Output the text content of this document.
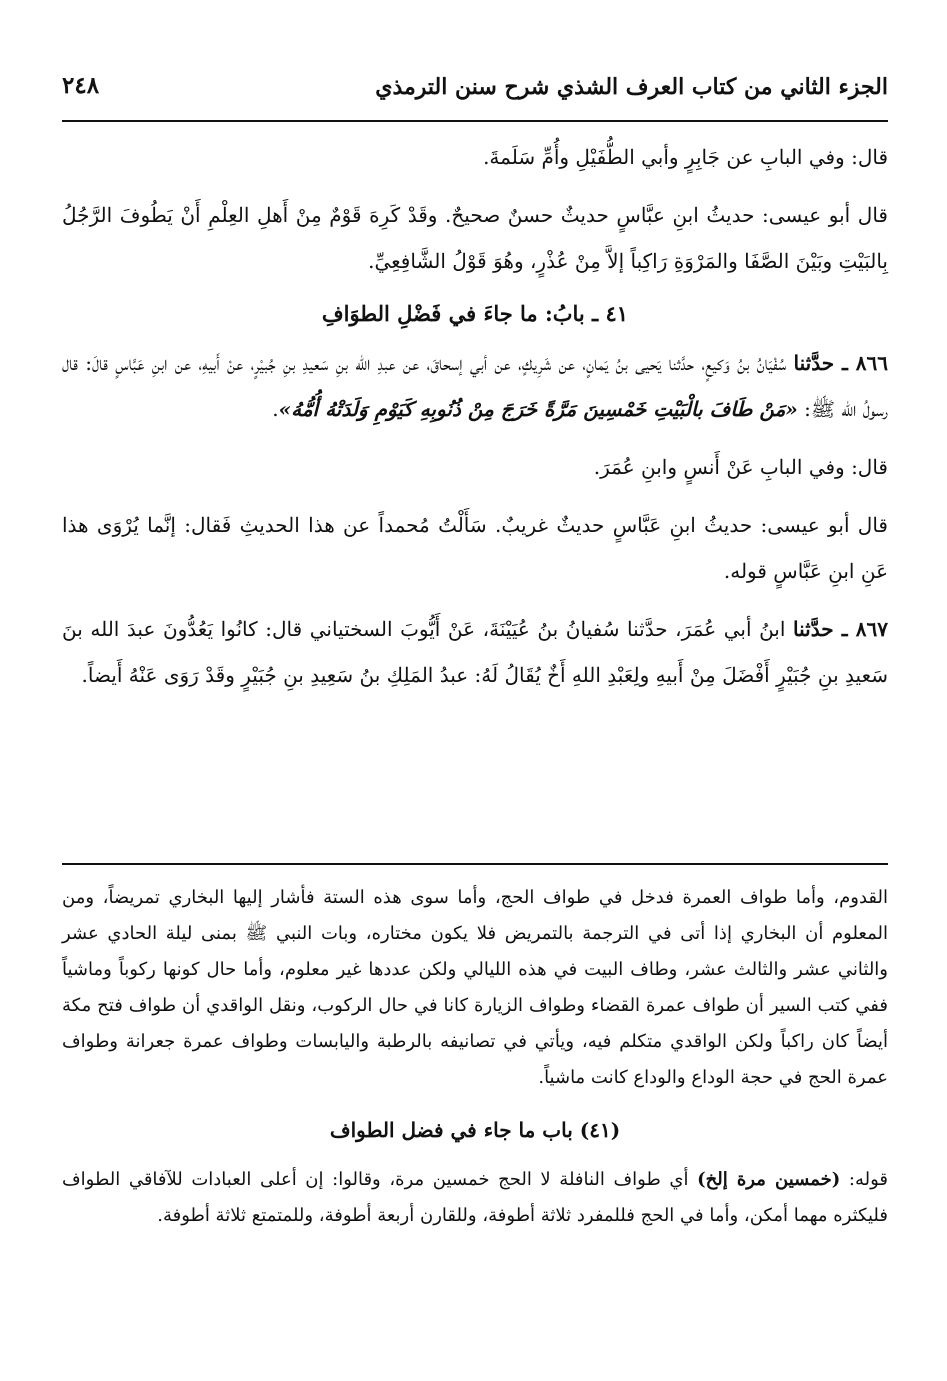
الجزء الثاني من كتاب العرف الشذي شرح سنن الترمذي
٢٤٨

قال: وفي البابِ عن جَابِرٍ وأبي الطُّفَيْلِ وأُمِّ سَلَمةَ.

قال أبو عيسى: حديثُ ابنِ عبَّاسٍ حديثٌ حسنٌ صحيحٌ. وقَدْ كَرِهَ قَوْمٌ مِنْ أَهلِ العِلْمِ أَنْ يَطُوفَ الرَّجُلُ بِالبَيْتِ وبَيْنَ الصَّفَا والمَرْوَةِ رَاكِباً إلاَّ مِنْ عُذْرٍ، وهُوَ قَوْلُ الشَّافِعِيِّ.

٤١ ـ بابُ: ما جاءَ في فَضْلِ الطوَافِ

٨٦٦ ـ حدَّثنا سُفْيَانُ بنُ وَكيعٍ، حدَّثنا يَحيى بنُ يَمانٍ، عن شَرِيكٍ، عن أبي إسحاقَ، عن عبدِ الله بنِ سَعيدِ بنِ جُبيْرٍ، عنْ أَبيهِ، عن ابنِ عَبَّاسٍ قالَ: قال رسولُ الله ﷺ: «مَنْ طَافَ بالْبَيْتِ خَمْسِينَ مَرَّةً خَرَجَ مِنْ ذُنُوبِهِ كَيَوْمِ وَلَدَتْهُ أُمُّهُ».

قال: وفي البابِ عَنْ أَنسٍ وابنِ عُمَرَ.

قال أبو عيسى: حديثُ ابنِ عَبَّاسٍ حديثٌ غريبٌ. سَأَلْتُ مُحمداً عن هذا الحديثِ فَقال: إنَّما يُرْوَى هذا عَنِ ابنِ عَبَّاسٍ قوله.

٨٦٧ ـ حدَّثنا ابنُ أبي عُمَرَ، حدَّثنا سُفيانُ بنُ عُيَيْنَةَ، عَنْ أَيُّوبَ السختياني قال: كانُوا يَعُدُّونَ عبدَ الله بنَ سَعيدِ بنِ جُبَيْرٍ أَفْضَلَ مِنْ أَبيهِ ولِعَبْدِ اللهِ أَخٌ يُقَالُ لَهُ: عبدُ المَلِكِ بنُ سَعِيدِ بنِ جُبَيْرٍ وقَدْ رَوَى عَنْهُ أَيضاً.

القدوم، وأما طواف العمرة فدخل في طواف الحج، وأما سوى هذه الستة فأشار إليها البخاري تمريضاً، ومن المعلوم أن البخاري إذا أتى في الترجمة بالتمريض فلا يكون مختاره، وبات النبي ﷺ بمنى ليلة الحادي عشر والثاني عشر والثالث عشر، وطاف البيت في هذه الليالي ولكن عددها غير معلوم، وأما حال كونها ركوباً وماشياً ففي كتب السير أن طواف عمرة القضاء وطواف الزيارة كانا في حال الركوب، ونقل الواقدي أن طواف فتح مكة أيضاً كان راكباً ولكن الواقدي متكلم فيه، ويأتي في تصانيفه بالرطبة واليابسات وطواف عمرة جعرانة وطواف عمرة الحج في حجة الوداع والوداع كانت ماشياً.

(٤١) باب ما جاء في فضل الطواف

قوله: (خمسين مرة إلخ) أي طواف النافلة لا الحج خمسين مرة، وقالوا: إن أعلى العبادات للآفاقي الطواف فليكثره مهما أمكن، وأما في الحج فللمفرد ثلاثة أطوفة، وللقارن أربعة أطوفة، وللمتمتع ثلاثة أطوفة.
